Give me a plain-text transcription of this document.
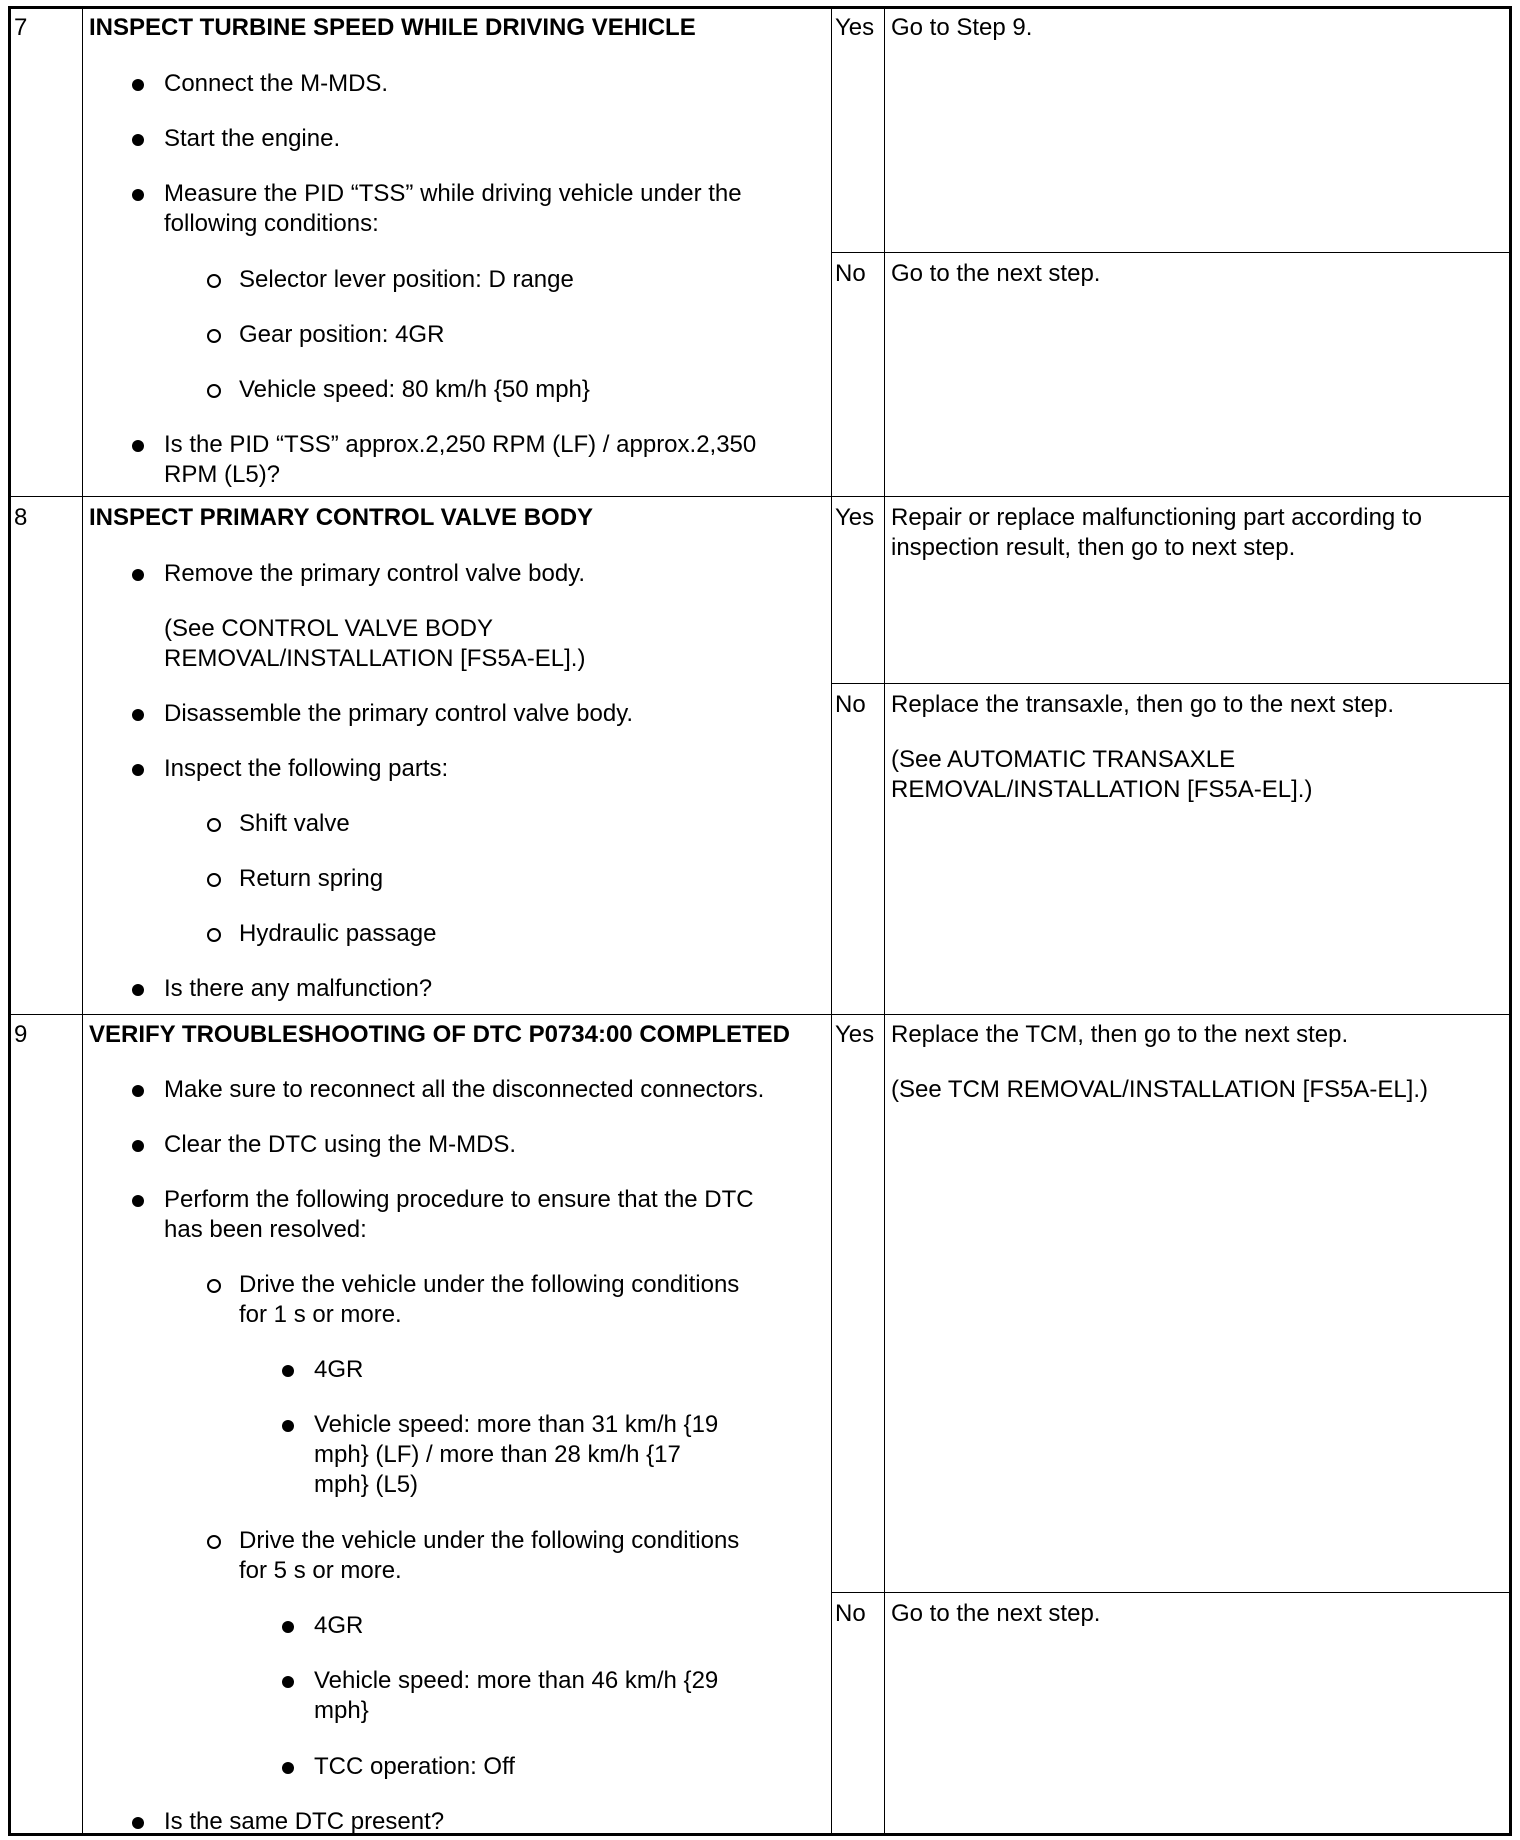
7	INSPECT TURBINE SPEED WHILE DRIVING VEHICLE
Connect the M-MDS.
Start the engine.
Measure the PID “TSS” while driving vehicle under the
following conditions:
Selector lever position: D range
Gear position: 4GR
Vehicle speed: 80 km/h {50 mph}
Is the PID “TSS” approx.2,250 RPM (LF) / approx.2,350
RPM (L5)?
Yes Go to Step 9.
No Go to the next step.
8	INSPECT PRIMARY CONTROL VALVE BODY
Remove the primary control valve body.
(See CONTROL VALVE BODY
REMOVAL/INSTALLATION [FS5A-EL].)
Disassemble the primary control valve body.
Inspect the following parts:
Shift valve
Return spring
Hydraulic passage
Is there any malfunction?
Yes Repair or replace malfunctioning part according to
inspection result, then go to next step.
No Replace the transaxle, then go to the next step.
(See AUTOMATIC TRANSAXLE
REMOVAL/INSTALLATION [FS5A-EL].)
9	VERIFY TROUBLESHOOTING OF DTC P0734:00 COMPLETED
Make sure to reconnect all the disconnected connectors.
Clear the DTC using the M-MDS.
Perform the following procedure to ensure that the DTC
has been resolved:
Drive the vehicle under the following conditions
for 1 s or more.
4GR
Vehicle speed: more than 31 km/h {19
mph} (LF) / more than 28 km/h {17
mph} (L5)
Drive the vehicle under the following conditions
for 5 s or more.
4GR
Vehicle speed: more than 46 km/h {29
mph}
TCC operation: Off
Is the same DTC present?
Yes Replace the TCM, then go to the next step.
(See TCM REMOVAL/INSTALLATION [FS5A-EL].)
No Go to the next step.
